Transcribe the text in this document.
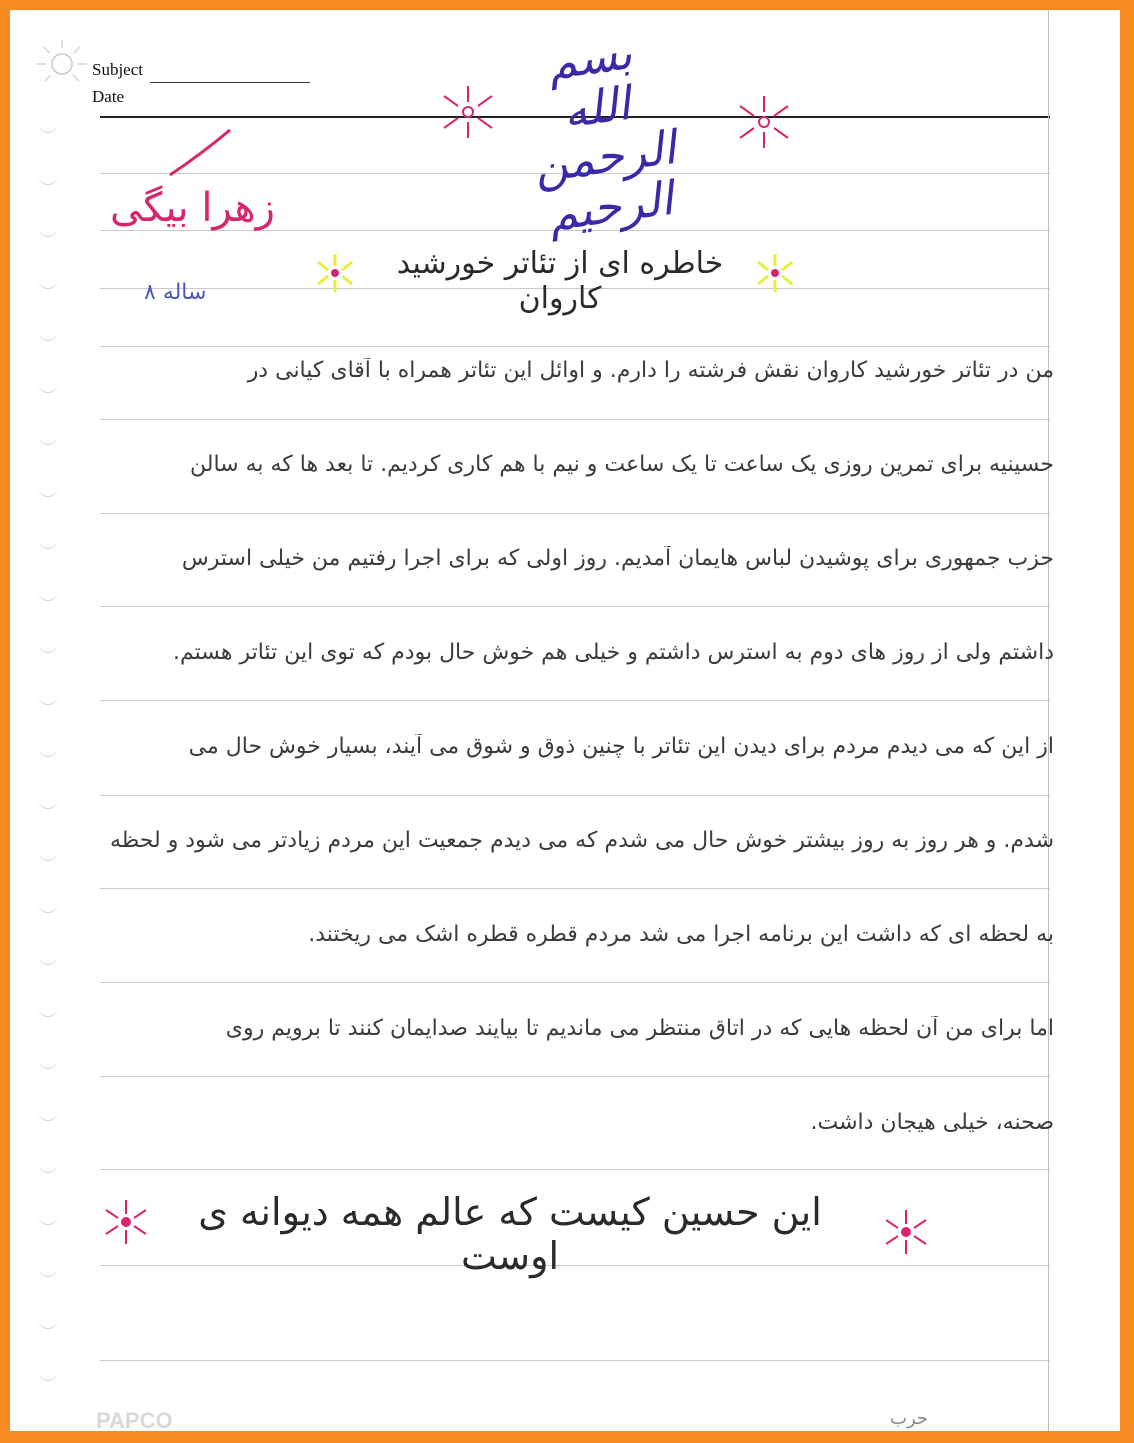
Subject
Date
بسم الله الرحمن الرحیم
زهرا بیگی
۸ ساله
خاطره ای از تئاتر خورشید کاروان
من در تئاتر خورشید کاروان نقش فرشته را دارم. و اوائل این تئاتر همراه با آقای کیانی در
حسینیه برای تمرین روزی یک ساعت تا یک ساعت و نیم با هم کاری کردیم. تا بعد ها که به سالن
حزب جمهوری برای پوشیدن لباس هایمان آمدیم. روز اولی که برای اجرا رفتیم من خیلی استرس
داشتم ولی از روز های دوم به استرس داشتم و خیلی هم خوش حال بودم که توی این تئاتر هستم.
از این که می دیدم مردم برای دیدن این تئاتر با چنین ذوق و شوق می آیند، بسیار خوش حال می
شدم. و هر روز به روز بیشتر خوش حال می شدم که می دیدم جمعیت این مردم زیادتر می شود و لحظه
به لحظه ای که داشت این برنامه اجرا می شد مردم قطره قطره اشک می ریختند.
اما برای من آن لحظه هایی که در اتاق منتظر می ماندیم تا بیایند صدایمان کنند تا برویم روی
صحنه، خیلی هیجان داشت.
این حسین کیست که عالم همه دیوانه ی اوست
PAPCO	حرب
